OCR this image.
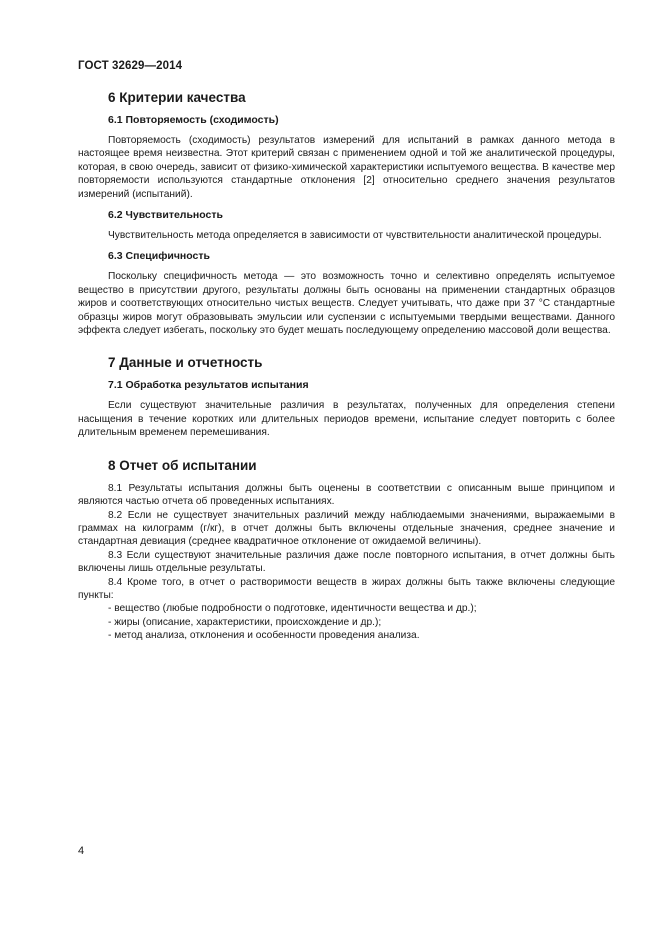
ГОСТ 32629—2014
6 Критерии качества
6.1 Повторяемость (сходимость)

Повторяемость (сходимость) результатов измерений для испытаний в рамках данного метода в настоящее время неизвестна. Этот критерий связан с применением одной и той же аналитической процедуры, которая, в свою очередь, зависит от физико-химической характеристики испытуемого вещества. В качестве мер повторяемости используются стандартные отклонения [2] относительно среднего значения результатов измерений (испытаний).

6.2 Чувствительность

Чувствительность метода определяется в зависимости от чувствительности аналитической процедуры.

6.3 Специфичность

Поскольку специфичность метода — это возможность точно и селективно определять испытуемое вещество в присутствии другого, результаты должны быть основаны на применении стандартных образцов жиров и соответствующих относительно чистых веществ. Следует учитывать, что даже при 37 °C стандартные образцы жиров могут образовывать эмульсии или суспензии с испытуемыми твердыми веществами. Данного эффекта следует избегать, поскольку это будет мешать последующему определению массовой доли вещества.

7 Данные и отчетность
7.1 Обработка результатов испытания

Если существуют значительные различия в результатах, полученных для определения степени насыщения в течение коротких или длительных периодов времени, испытание следует повторить с более длительным временем перемешивания.

8 Отчет об испытании

8.1 Результаты испытания должны быть оценены в соответствии с описанным выше принципом и являются частью отчета об проведенных испытаниях.

8.2 Если не существует значительных различий между наблюдаемыми значениями, выражаемыми в граммах на килограмм (г/кг), в отчет должны быть включены отдельные значения, среднее значение и стандартная девиация (среднее квадратичное отклонение от ожидаемой величины).

8.3 Если существуют значительные различия даже после повторного испытания, в отчет должны быть включены лишь отдельные результаты.

8.4 Кроме того, в отчет о растворимости веществ в жирах должны быть также включены следующие пункты:

- вещество (любые подробности о подготовке, идентичности вещества и др.);
- жиры (описание, характеристики, происхождение и др.);
- метод анализа, отклонения и особенности проведения анализа.
4
